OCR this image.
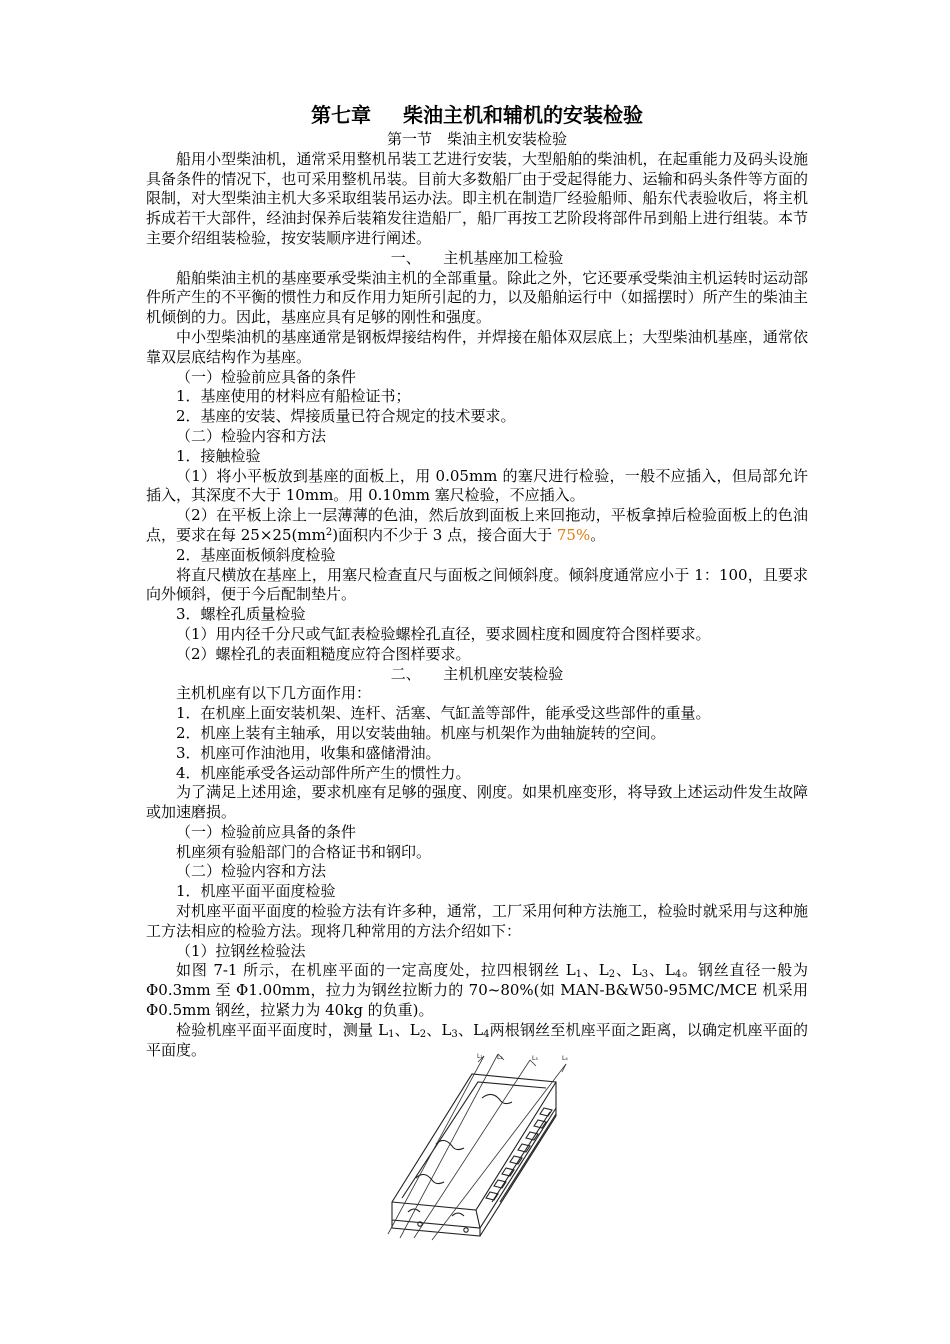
第七章 柴油主机和辅机的安装检验

第一节　柴油主机安装检验

船用小型柴油机，通常采用整机吊装工艺进行安装，大型船舶的柴油机，在起重能力及码头设施具备条件的情况下，也可采用整机吊装。目前大多数船厂由于受起得能力、运输和码头条件等方面的限制，对大型柴油主机大多采取组装吊运办法。即主机在制造厂经验船师、船东代表验收后，将主机拆成若干大部件，经油封保养后装箱发往造船厂，船厂再按工艺阶段将部件吊到船上进行组装。本节主要介绍组装检验，按安装顺序进行阐述。

一、　　主机基座加工检验

船舶柴油主机的基座要承受柴油主机的全部重量。除此之外，它还要承受柴油主机运转时运动部件所产生的不平衡的惯性力和反作用力矩所引起的力，以及船舶运行中（如摇摆时）所产生的柴油主机倾倒的力。因此，基座应具有足够的刚性和强度。

中小型柴油机的基座通常是钢板焊接结构件，并焊接在船体双层底上；大型柴油机基座，通常依靠双层底结构作为基座。

（一）检验前应具备的条件

1．基座使用的材料应有船检证书；

2．基座的安装、焊接质量已符合规定的技术要求。

（二）检验内容和方法

1．接触检验

（1）将小平板放到基座的面板上，用 0.05mm 的塞尺进行检验，一般不应插入，但局部允许插入，其深度不大于 10mm。用 0.10mm 塞尺检验，不应插入。

（2）在平板上涂上一层薄薄的色油，然后放到面板上来回拖动，平板拿掉后检验面板上的色油点，要求在每 $25\times 25(mm^2)$面积内不少于 3 点，接合面大于 75%。

2．基座面板倾斜度检验

将直尺横放在基座上，用塞尺检查直尺与面板之间倾斜度。倾斜度通常应小于 1：100，且要求向外倾斜，便于今后配制垫片。

3．螺栓孔质量检验

（1）用内径千分尺或气缸表检验螺栓孔直径，要求圆柱度和圆度符合图样要求。

（2）螺栓孔的表面粗糙度应符合图样要求。

二、　　主机机座安装检验

主机机座有以下几方面作用：

1．在机座上面安装机架、连杆、活塞、气缸盖等部件，能承受这些部件的重量。

2．机座上装有主轴承，用以安装曲轴。机座与机架作为曲轴旋转的空间。

3．机座可作油池用，收集和盛储滑油。

4．机座能承受各运动部件所产生的惯性力。

为了满足上述用途，要求机座有足够的强度、刚度。如果机座变形，将导致上述运动件发生故障或加速磨损。

（一）检验前应具备的条件

机座须有验船部门的合格证书和钢印。

（二）检验内容和方法

1．机座平面平面度检验

对机座平面平面度的检验方法有许多种，通常，工厂采用何种方法施工，检验时就采用与这种施工方法相应的检验方法。现将几种常用的方法介绍如下：

（1）拉钢丝检验法

如图 7-1 所示，在机座平面的一定高度处，拉四根钢丝 $L_1$、$L_2$、$L_3$、$L_4$。钢丝直径一般为 Φ0.3mm 至 Φ1.00mm，拉力为钢丝拉断力的 70~80%(如 MAN-B&W50-95MC/MCE 机采用 Φ0.5mm 钢丝，拉紧力为 40kg 的负重)。

检验机座平面平面度时，测量 $L_1$、$L_2$、$L_3$、$L_4$两根钢丝至机座平面之距离，以确定机座平面的平面度。	L₁ L₂	L₃	L₄
